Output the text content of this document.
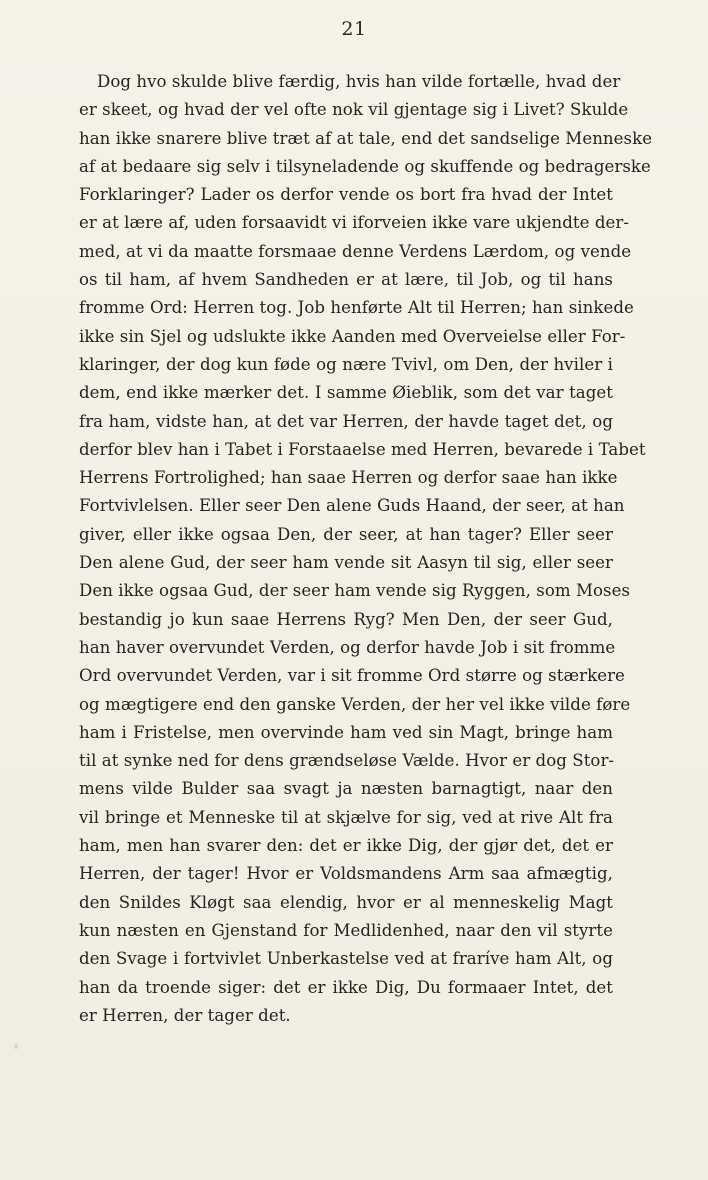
21
Dog hvo skulde blive færdig, hvis han vilde fortælle, hvad der
er skeet, og hvad der vel ofte nok vil gjentage sig i Livet? Skulde
han ikke snarere blive træt af at tale, end det sandselige Menneske
af at bedaare sig selv i tilsyneladende og skuffende og bedragerske
Forklaringer? Lader os derfor vende os bort fra hvad der Intet
er at lære af, uden forsaavidt vi iforveien ikke vare ukjendte der-
med, at vi da maatte forsmaae denne Verdens Lærdom, og vende
os til ham, af hvem Sandheden er at lære, til Job, og til hans
fromme Ord: Herren tog. Job henførte Alt til Herren; han sinkede
ikke sin Sjel og udslukte ikke Aanden med Overveielse eller For-
klaringer, der dog kun føde og nære Tvivl, om Den, der hviler i
dem, end ikke mærker det. I samme Øieblik, som det var taget
fra ham, vidste han, at det var Herren, der havde taget det, og
derfor blev han i Tabet i Forstaaelse med Herren, bevarede i Tabet
Herrens Fortrolighed; han saae Herren og derfor saae han ikke
Fortvivlelsen. Eller seer Den alene Guds Haand, der seer, at han
giver, eller ikke ogsaa Den, der seer, at han tager? Eller seer
Den alene Gud, der seer ham vende sit Aasyn til sig, eller seer
Den ikke ogsaa Gud, der seer ham vende sig Ryggen, som Moses
bestandig jo kun saae Herrens Ryg? Men Den, der seer Gud,
han haver overvundet Verden, og derfor havde Job i sit fromme
Ord overvundet Verden, var i sit fromme Ord større og stærkere
og mægtigere end den ganske Verden, der her vel ikke vilde føre
ham i Fristelse, men overvinde ham ved sin Magt, bringe ham
til at synke ned for dens grændseløse Vælde. Hvor er dog Stor-
mens vilde Bulder saa svagt ja næsten barnagtigt, naar den
vil bringe et Menneske til at skjælve for sig, ved at rive Alt fra
ham, men han svarer den: det er ikke Dig, der gjør det, det er
Herren, der tager! Hvor er Voldsmandens Arm saa afmægtig,
den Snildes Kløgt saa elendig, hvor er al menneskelig Magt
kun næsten en Gjenstand for Medlidenhed, naar den vil styrte
den Svage i fortvivlet Unberkastelse ved at fraríve ham Alt, og
han da troende siger: det er ikke Dig, Du formaaer Intet, det
er Herren, der tager det.
